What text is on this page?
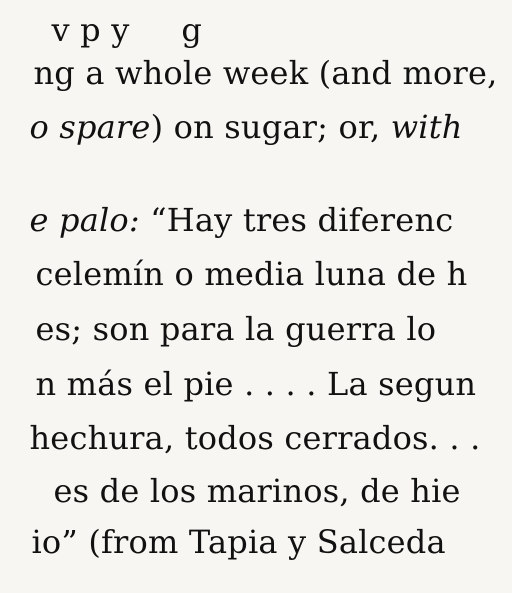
v p y     g

ng a whole week (and more,

o spare) on sugar; or, with

e palo: “Hay tres diferenc

celemín o media luna de h

es; son para la guerra lo

n más el pie . . . . La segun

hechura, todos cerrados. . .

es de los marinos, de hie

io” (from Tapia y Salceda
